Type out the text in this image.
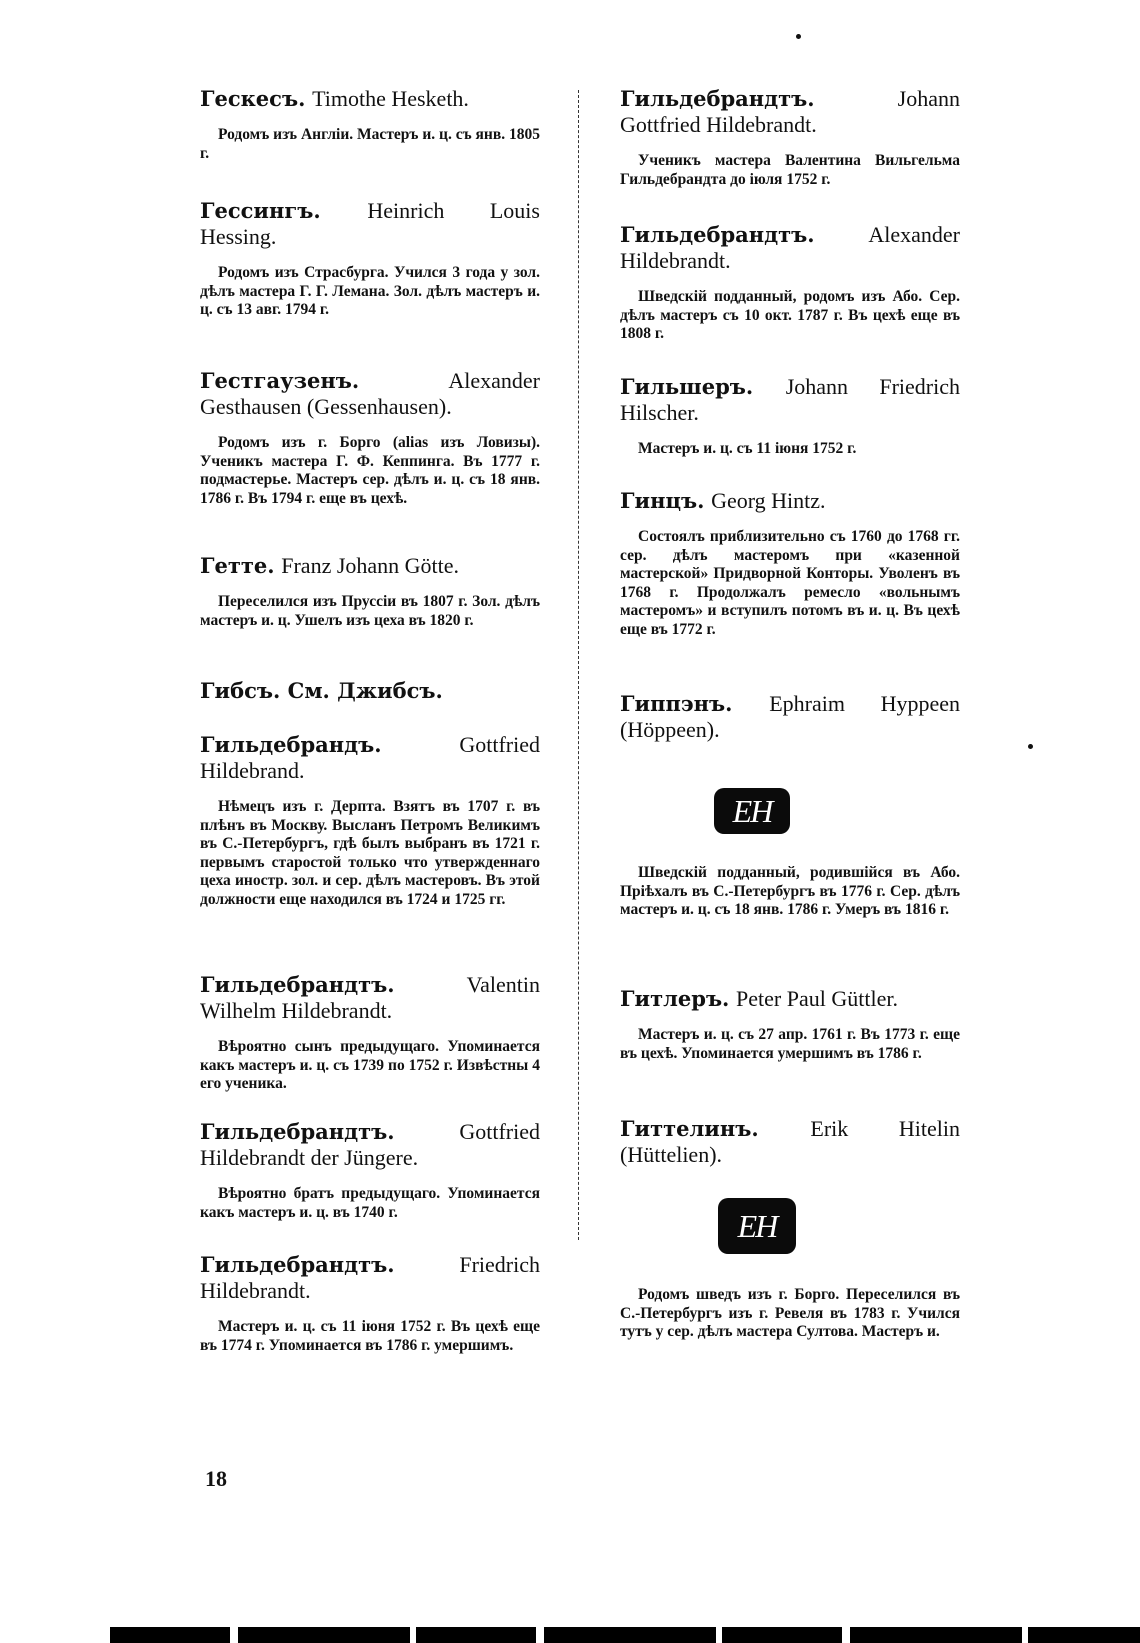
Гескесъ. Timothe Hesketh.

Родомъ изъ Англіи. Мастеръ и. ц. съ янв. 1805 г.

Гессингъ. Heinrich Louis Hessing.

Родомъ изъ Страсбурга. Учился 3 года у зол. дѣлъ мастера Г. Г. Лемана. Зол. дѣлъ мастеръ и. ц. съ 13 авг. 1794 г.

Гестгаузенъ.	Alexander Gesthausen (Gessenhausen).

Родомъ изъ г. Борго (alias изъ Ловизы). Ученикъ мастера Г. Ф. Кеппинга. Въ 1777 г. подмастерье. Мастеръ сер. дѣлъ и. ц. съ 18 янв. 1786 г. Въ 1794 г. еще въ цехѣ.

Гетте. Franz Johann Götte.

Переселился изъ Пруссіи въ 1807 г. Зол. дѣлъ мастеръ и. ц. Ушелъ изъ цеха въ 1820 г.

Гибсъ. См. Джибсъ.

Гильдебрандъ.	Gottfried Hildebrand.

Нѣмецъ изъ г. Дерпта. Взятъ въ 1707 г. въ плѣнъ въ Москву. Высланъ Петромъ Великимъ въ С.-Петербургъ, гдѣ былъ выбранъ въ 1721 г. первымъ старостой только что утвержденнаго цеха иностр. зол. и сер. дѣлъ мастеровъ. Въ этой должности еще находился въ 1724 и 1725 гг.

Гильдебрандтъ.	Valentin Wilhelm Hildebrandt.

Вѣроятно сынъ предыдущаго. Упоминается какъ мастеръ и. ц. съ 1739 по 1752 г. Извѣстны 4 его ученика.

Гильдебрандтъ.	Gottfried Hildebrandt der Jüngere.

Вѣроятно братъ предыдущаго. Упоминается какъ мастеръ и. ц. въ 1740 г.

Гильдебрандтъ.	Friedrich Hildebrandt.

Мастеръ и. ц. съ 11 іюня 1752 г. Въ цехѣ еще въ 1774 г. Упоминается въ 1786 г. умершимъ.

Гильдебрандтъ.	Johann Gottfried Hildebrandt.

Ученикъ мастера Валентина Вильгельма Гильдебрандта до іюля 1752 г.

Гильдебрандтъ. Alexander Hildebrandt.

Шведскій подданный, родомъ изъ Або. Сер. дѣлъ мастеръ съ 10 окт. 1787 г. Въ цехѣ еще въ 1808 г.

Гильшеръ. Johann Friedrich Hilscher.

Мастеръ и. ц. съ 11 іюня 1752 г.

Гинцъ. Georg Hintz.

Состоялъ приблизительно съ 1760 до 1768 гг. сер. дѣлъ мастеромъ при «казенной мастерской» Придворной Конторы. Уволенъ въ 1768 г. Продолжалъ ремесло «вольнымъ мастеромъ» и вступилъ потомъ въ и. ц. Въ цехѣ еще въ 1772 г.

Гиппэнъ. Ephraim Hyppeen (Höppeen).

Шведскій подданный, родившійся въ Або. Пріѣхалъ въ С.-Петербургъ въ 1776 г. Сер. дѣлъ мастеръ и. ц. съ 18 янв. 1786 г. Умеръ въ 1816 г.

Гитлеръ. Peter Paul Güttler.

Мастеръ и. ц. съ 27 апр. 1761 г. Въ 1773 г. еще въ цехѣ. Упоминается умершимъ въ 1786 г.

Гиттелинъ. Erik Hitelin (Hüttelien).

Родомъ шведъ изъ г. Борго. Переселился въ С.-Петербургъ изъ г. Ревеля въ 1783 г. Учился тутъ у сер. дѣлъ мастера Султова. Мастеръ и.

EH
EH
18
